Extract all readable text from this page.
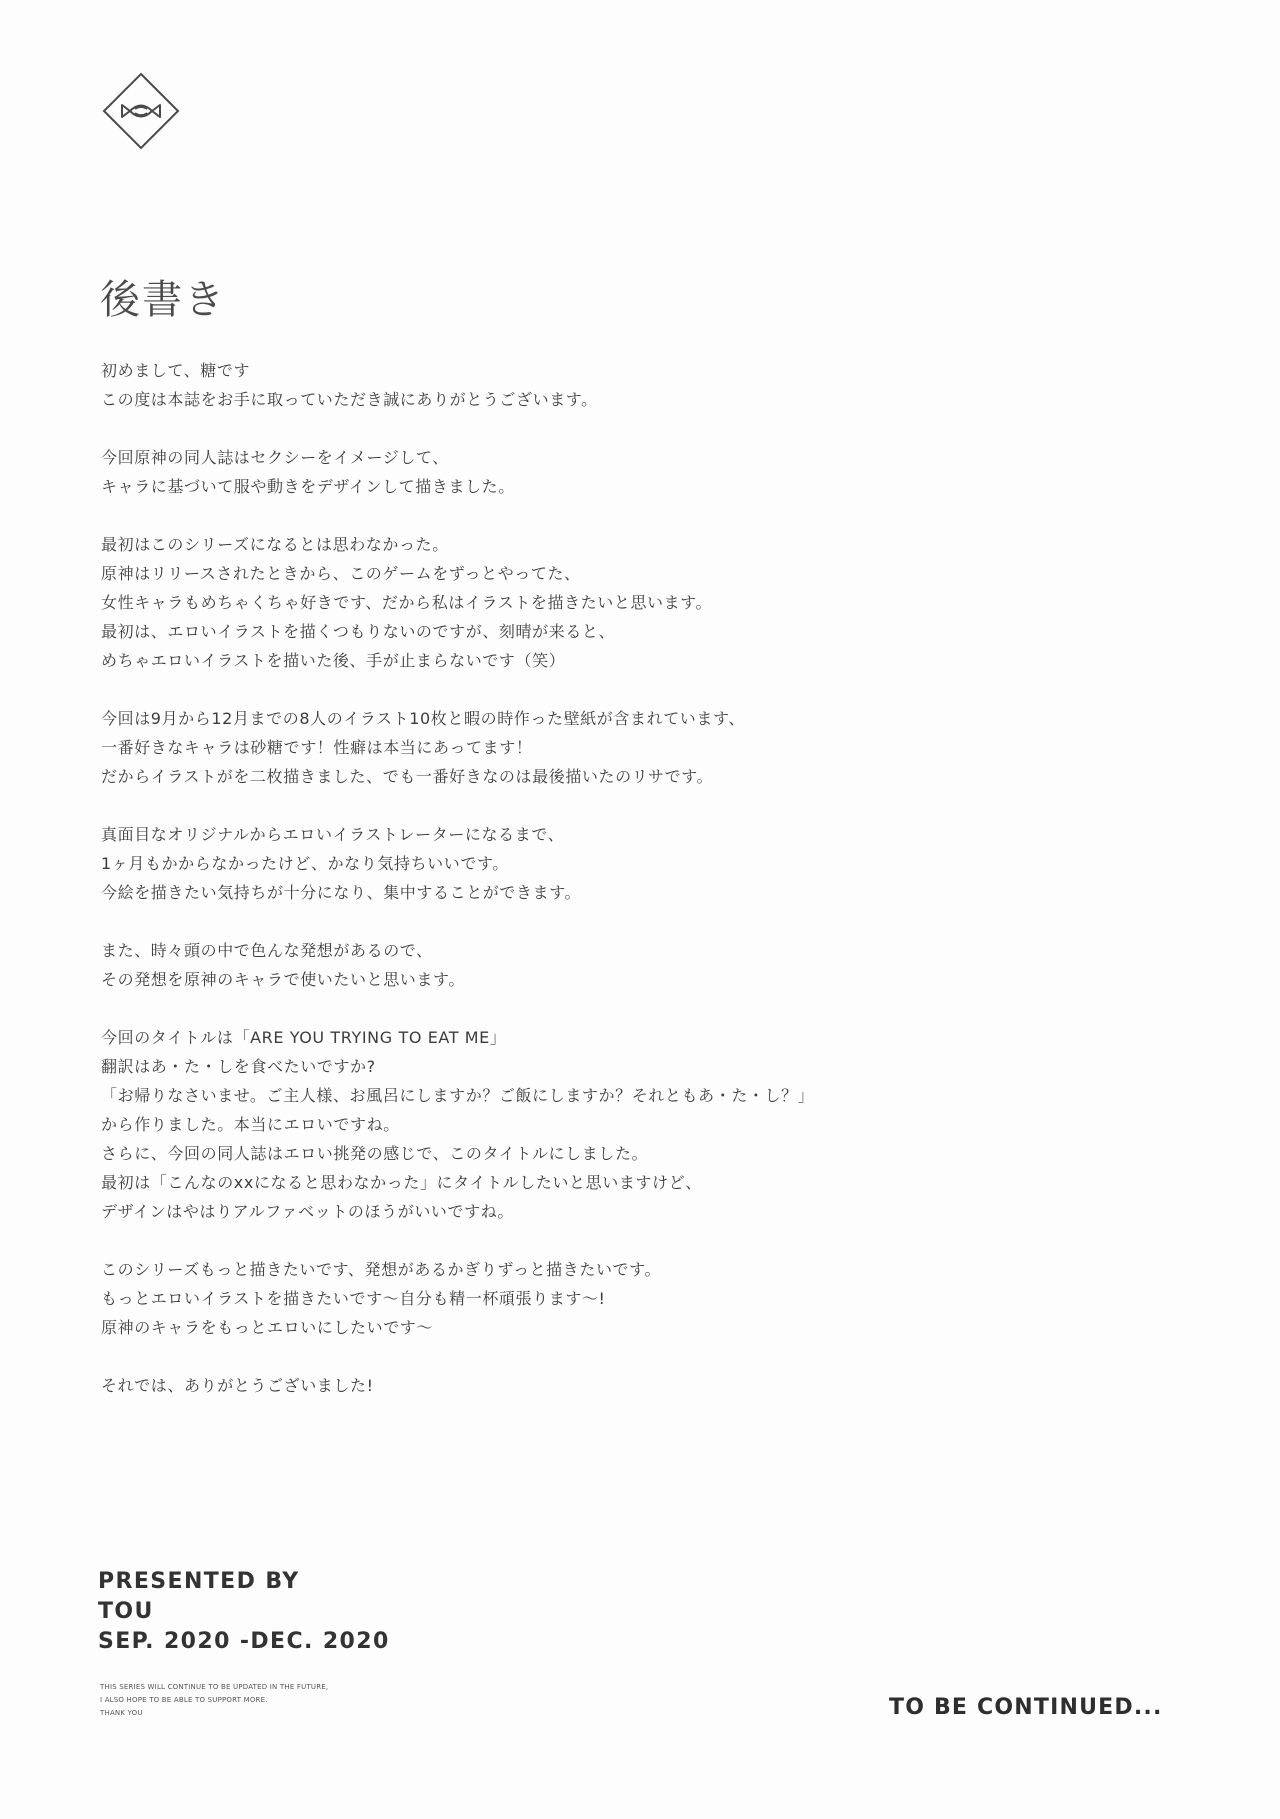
後書き
初めまして、糖です
この度は本誌をお手に取っていただき誠にありがとうございます。
今回原神の同人誌はセクシーをイメージして、
キャラに基づいて服や動きをデザインして描きました。
最初はこのシリーズになるとは思わなかった。
原神はリリースされたときから、このゲームをずっとやってた、
女性キャラもめちゃくちゃ好きです、だから私はイラストを描きたいと思います。
最初は、エロいイラストを描くつもりないのですが、刻晴が来ると、
めちゃエロいイラストを描いた後、手が止まらないです（笑）
今回は9月から12月までの8人のイラスト10枚と暇の時作った壁紙が含まれています、
一番好きなキャラは砂糖です！性癖は本当にあってます！
だからイラストがを二枚描きました、でも一番好きなのは最後描いたのリサです。
真面目なオリジナルからエロいイラストレーターになるまで、
1ヶ月もかからなかったけど、かなり気持ちいいです。
今絵を描きたい気持ちが十分になり、集中することができます。
また、時々頭の中で色んな発想があるので、
その発想を原神のキャラで使いたいと思います。
今回のタイトルは「ARE YOU TRYING TO EAT ME」
翻訳はあ・た・しを食べたいですか?
「お帰りなさいませ。ご主人様、お風呂にしますか？ご飯にしますか？それともあ・た・し？」
から作りました。本当にエロいですね。
さらに、今回の同人誌はエロい挑発の感じで、このタイトルにしました。
最初は「こんなのxxになると思わなかった」にタイトルしたいと思いますけど、
デザインはやはりアルファベットのほうがいいですね。
このシリーズもっと描きたいです、発想があるかぎりずっと描きたいです。
もっとエロいイラストを描きたいです～自分も精一杯頑張ります～!
原神のキャラをもっとエロいにしたいです～
それでは、ありがとうございました!
PRESENTED BY
TOU
SEP. 2020 -DEC. 2020
THIS SERIES WILL CONTINUE TO BE UPDATED IN THE FUTURE,
I ALSO HOPE TO BE ABLE TO SUPPORT MORE.
THANK YOU	TO BE CONTINUED...
